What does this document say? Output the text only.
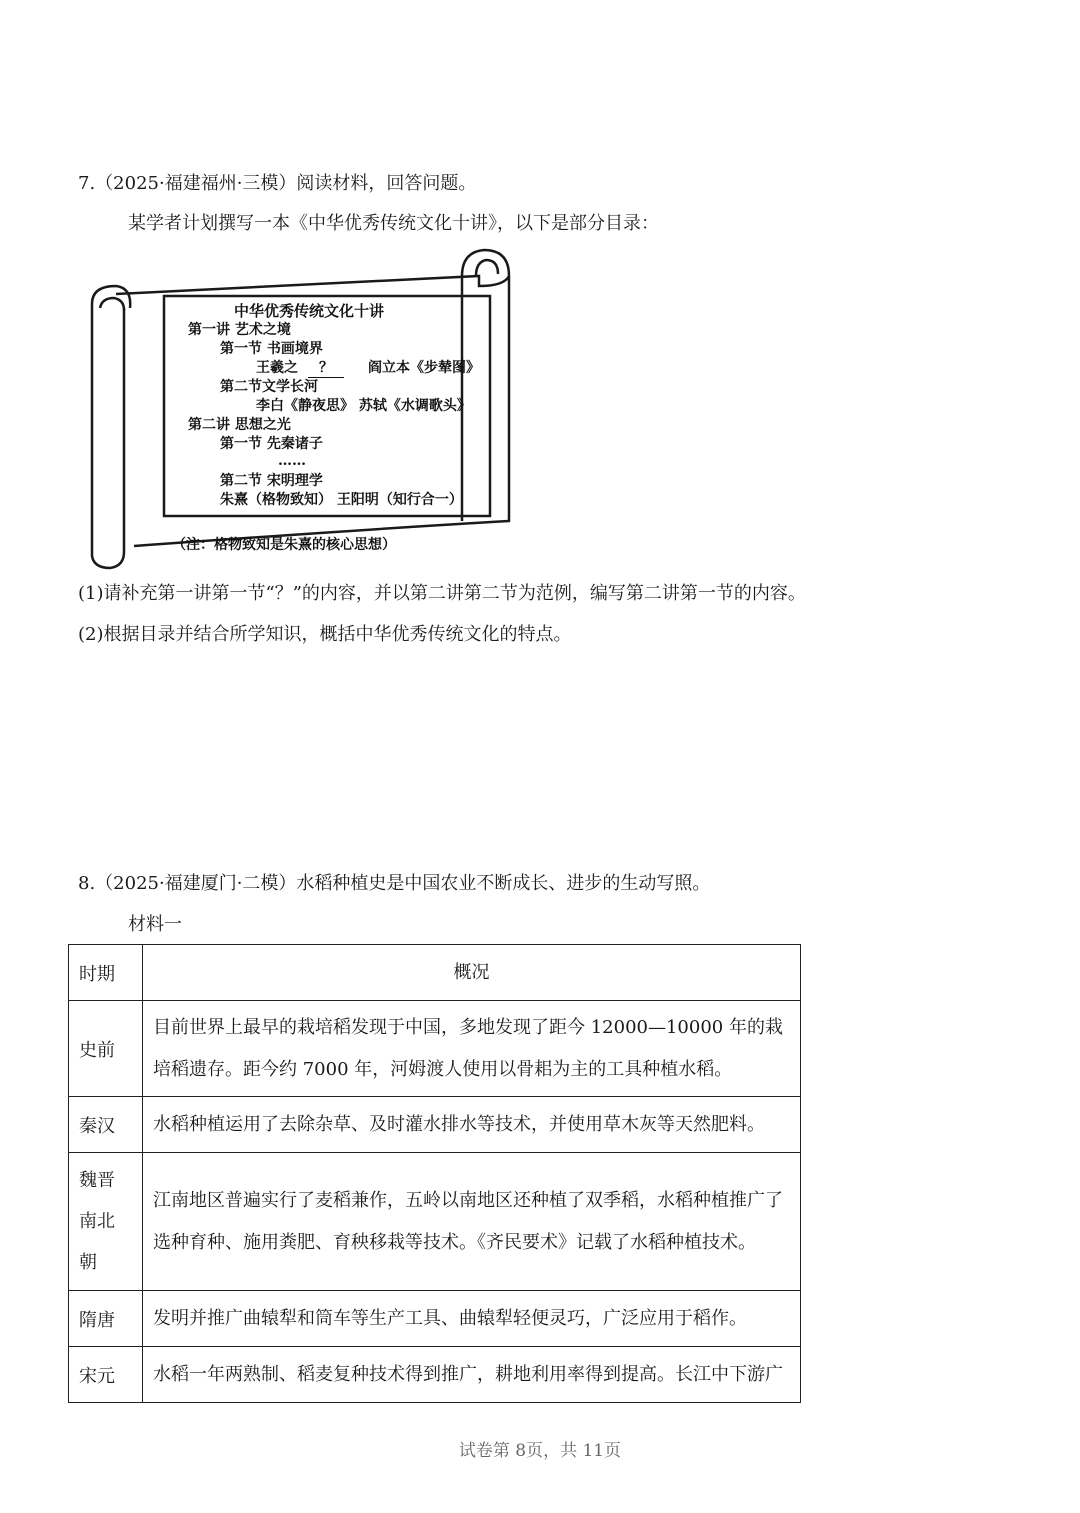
7.（2025·福建福州·三模）阅读材料，回答问题。
某学者计划撰写一本《中华优秀传统文化十讲》，以下是部分目录：
中华优秀传统文化十讲
第一讲 艺术之境
第一节 书画境界
王羲之	？	阎立本《步辇图》
第二节文学长河
李白《静夜思》 苏轼《水调歌头》
第二讲 思想之光
第一节 先秦诸子
……
第二节 宋明理学
朱熹（格物致知） 王阳明（知行合一）
（注：格物致知是朱熹的核心思想）
(1)请补充第一讲第一节“？”的内容，并以第二讲第二节为范例，编写第二讲第一节的内容。
(2)根据目录并结合所学知识，概括中华优秀传统文化的特点。
8.（2025·福建厦门·二模）水稻种植史是中国农业不断成长、进步的生动写照。
材料一
时期	概况
史前	目前世界上最早的栽培稻发现于中国，多地发现了距今 12000—10000 年的栽培稻遗存。距今约 7000 年，河姆渡人使用以骨耜为主的工具种植水稻。
秦汉	水稻种植运用了去除杂草、及时灌水排水等技术，并使用草木灰等天然肥料。
魏晋南北朝	江南地区普遍实行了麦稻兼作，五岭以南地区还种植了双季稻，水稻种植推广了选种育种、施用粪肥、育秧移栽等技术。《齐民要术》记载了水稻种植技术。
隋唐	发明并推广曲辕犁和筒车等生产工具、曲辕犁轻便灵巧，广泛应用于稻作。
宋元	水稻一年两熟制、稻麦复种技术得到推广，耕地利用率得到提高。长江中下游广
试卷第 8页，共 11页
